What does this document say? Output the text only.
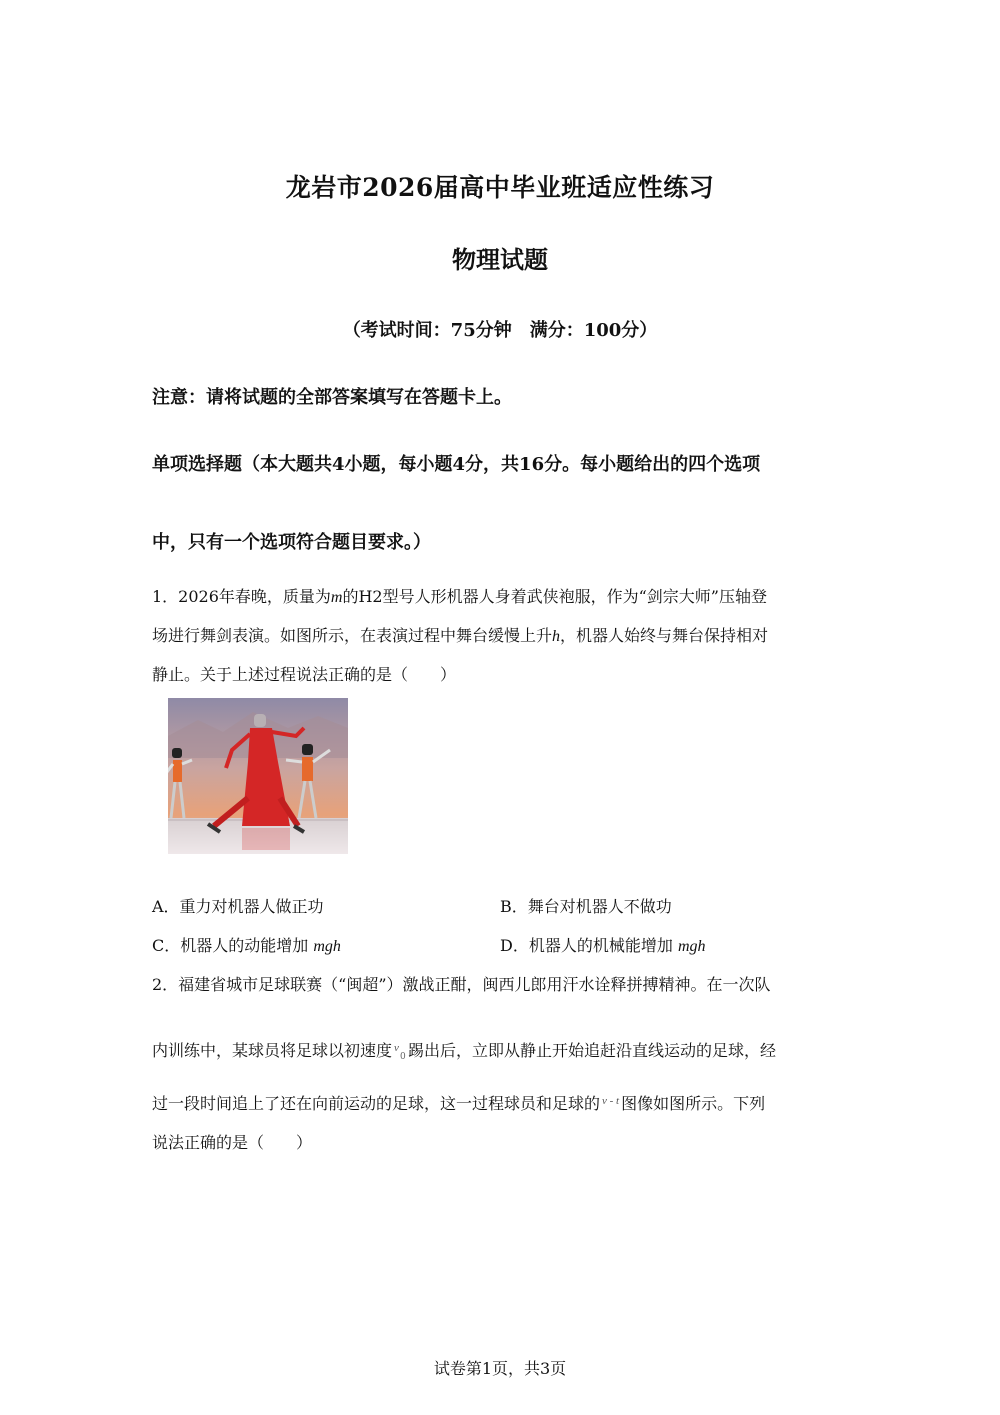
龙岩市2026届高中毕业班适应性练习
物理试题
（考试时间：75分钟　满分：100分）
注意：请将试题的全部答案填写在答题卡上。
单项选择题（本大题共4小题，每小题4分，共16分。每小题给出的四个选项
中，只有一个选项符合题目要求。）
1．2026年春晚，质量为m的H2型号人形机器人身着武侠袍服，作为“剑宗大师”压轴登
场进行舞剑表演。如图所示，在表演过程中舞台缓慢上升h，机器人始终与舞台保持相对
静止。关于上述过程说法正确的是（　　）
A．重力对机器人做正功	B．舞台对机器人不做功
C．机器人的动能增加 mgh	D．机器人的机械能增加 mgh
2．福建省城市足球联赛（“闽超”）激战正酣，闽西儿郎用汗水诠释拼搏精神。在一次队
内训练中，某球员将足球以初速度 v
0 踢出后，立即从静止开始追赶沿直线运动的足球，经
过一段时间追上了还在向前运动的足球，这一过程球员和足球的 $^{v - t}$ 图像如图所示。下列
说法正确的是（　　）
试卷第1页，共3页
